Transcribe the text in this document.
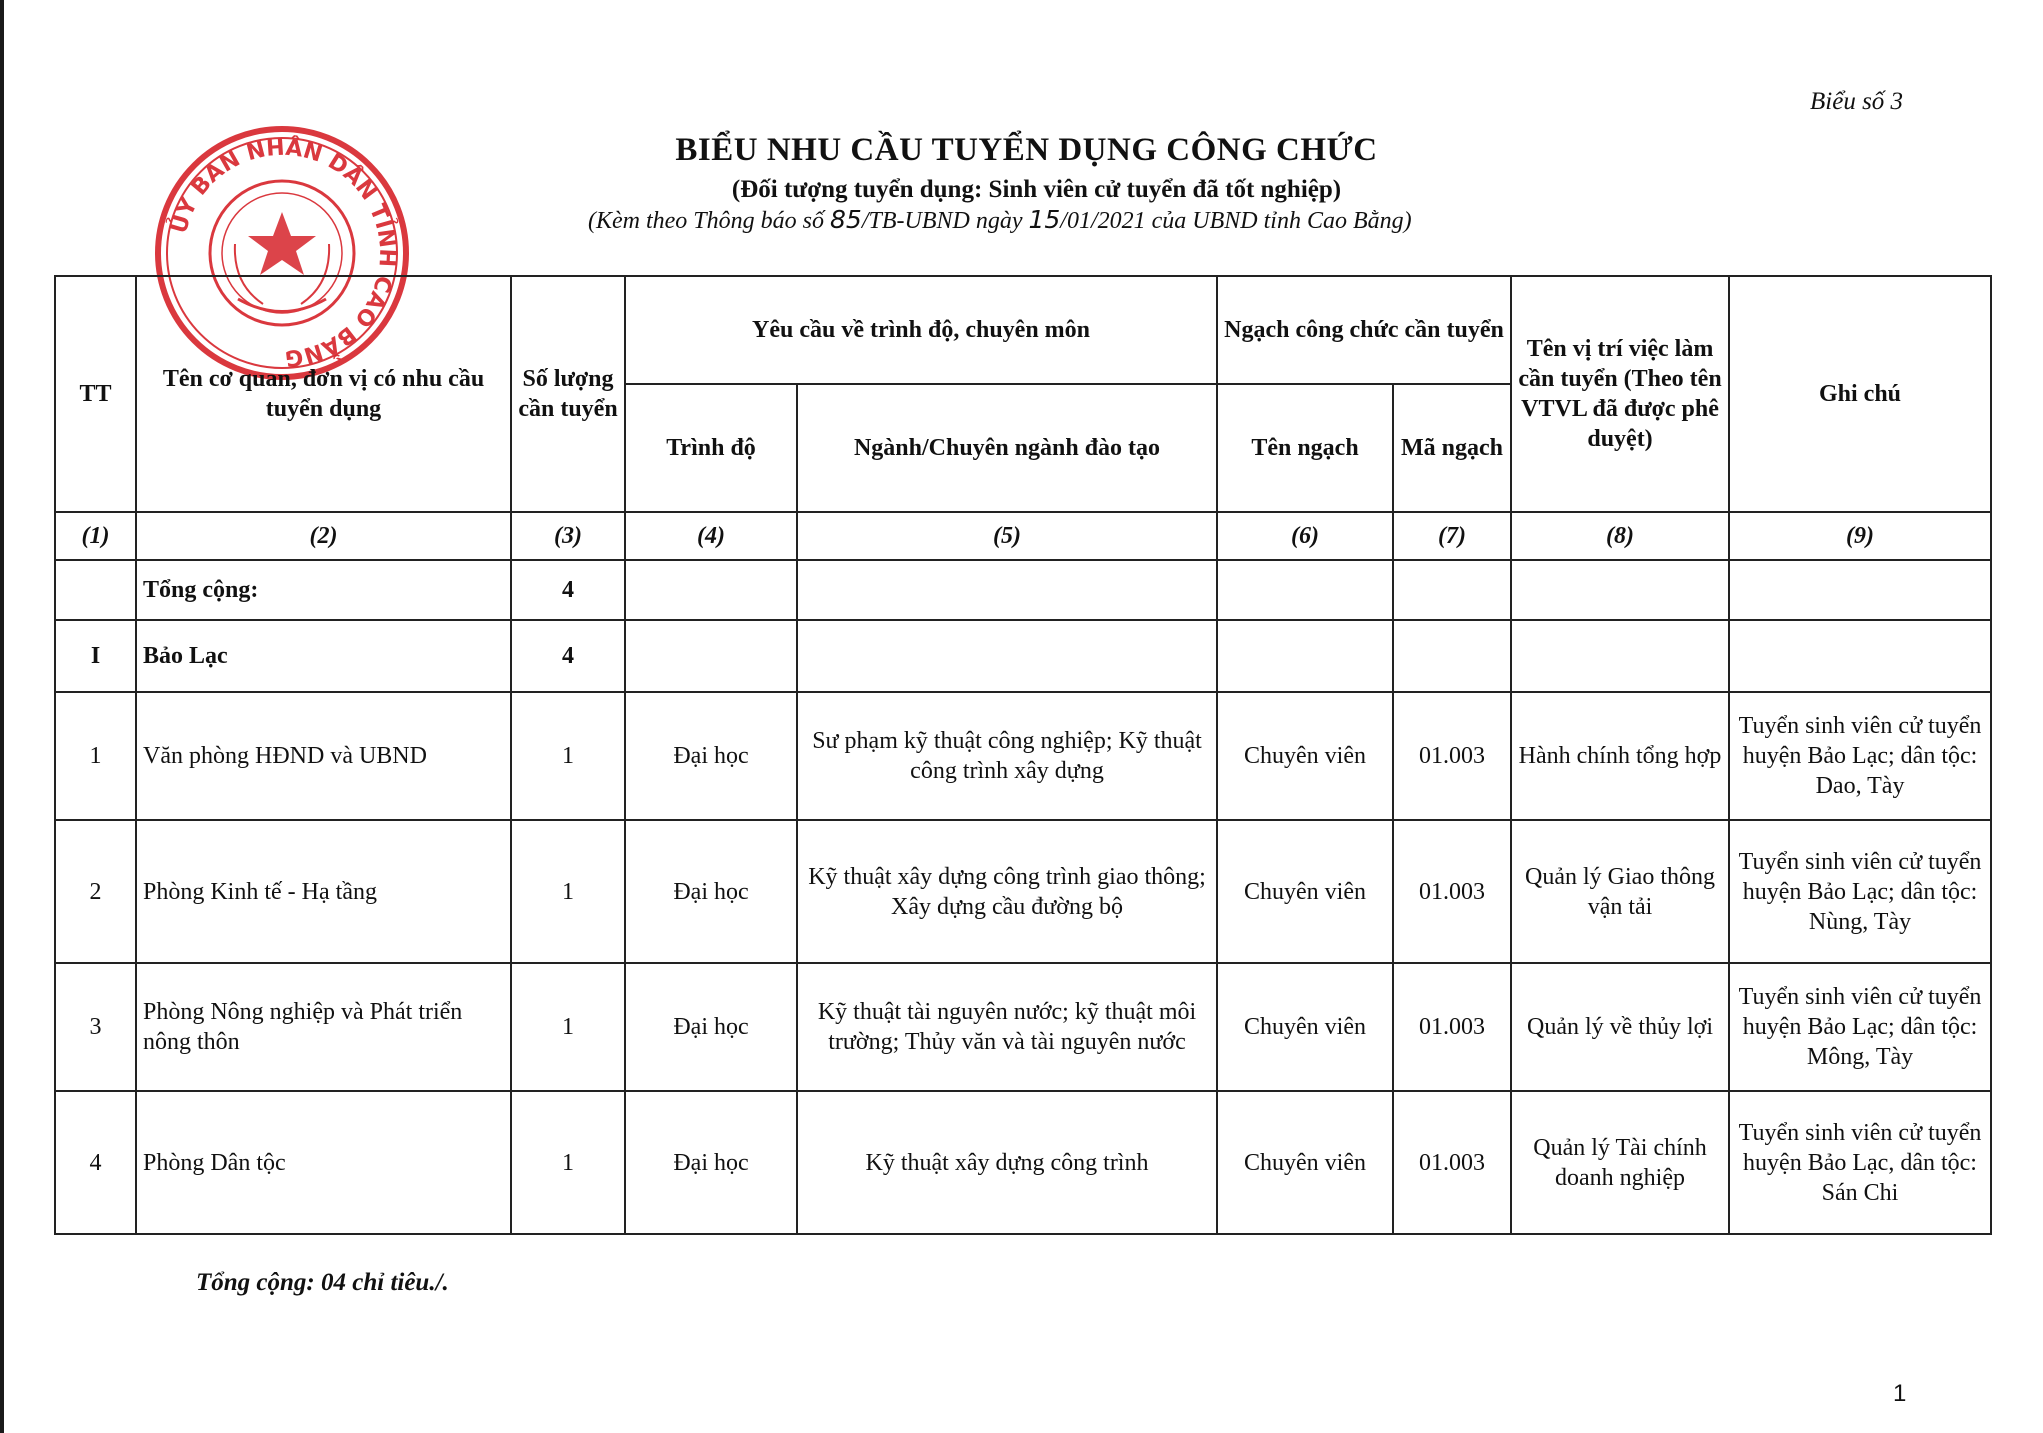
Biểu số 3
BIỂU NHU CẦU TUYỂN DỤNG CÔNG CHỨC
(Đối tượng tuyển dụng: Sinh viên cử tuyển đã tốt nghiệp)
(Kèm theo Thông báo số 85/TB-UBND ngày 15/01/2021 của UBND tỉnh Cao Bằng)
ỦY BAN NHÂN DÂN TỈNH CAO BẰNG
TT	Tên cơ quan, đơn vị có nhu cầu tuyển dụng	Số lượng cần tuyển	Yêu cầu về trình độ, chuyên môn		Ngạch công chức cần tuyển		Tên vị trí việc làm cần tuyển (Theo tên VTVL đã được phê duyệt)	Ghi chú
			Trình độ	Ngành/Chuyên ngành đào tạo	Tên ngạch	Mã ngạch		
(1)	(2)	(3)	(4)	(5)	(6)	(7)	(8)	(9)
	Tổng cộng:	4						
I	Bảo Lạc	4						
1	Văn phòng HĐND và UBND	1	Đại học	Sư phạm kỹ thuật công nghiệp; Kỹ thuật công trình xây dựng	Chuyên viên	01.003	Hành chính tổng hợp	Tuyển sinh viên cử tuyển huyện Bảo Lạc; dân tộc: Dao, Tày
2	Phòng Kinh tế - Hạ tầng	1	Đại học	Kỹ thuật xây dựng công trình giao thông; Xây dựng cầu đường bộ	Chuyên viên	01.003	Quản lý Giao thông vận tải	Tuyển sinh viên cử tuyển huyện Bảo Lạc; dân tộc: Nùng, Tày
3	Phòng Nông nghiệp và Phát triển nông thôn	1	Đại học	Kỹ thuật tài nguyên nước; kỹ thuật môi trường; Thủy văn và tài nguyên nước	Chuyên viên	01.003	Quản lý về thủy lợi	Tuyển sinh viên cử tuyển huyện Bảo Lạc; dân tộc: Mông, Tày
4	Phòng Dân tộc	1	Đại học	Kỹ thuật xây dựng công trình	Chuyên viên	01.003	Quản lý Tài chính doanh nghiệp	Tuyển sinh viên cử tuyển huyện Bảo Lạc, dân tộc: Sán Chi
Tổng cộng: 04 chỉ tiêu./.
1
